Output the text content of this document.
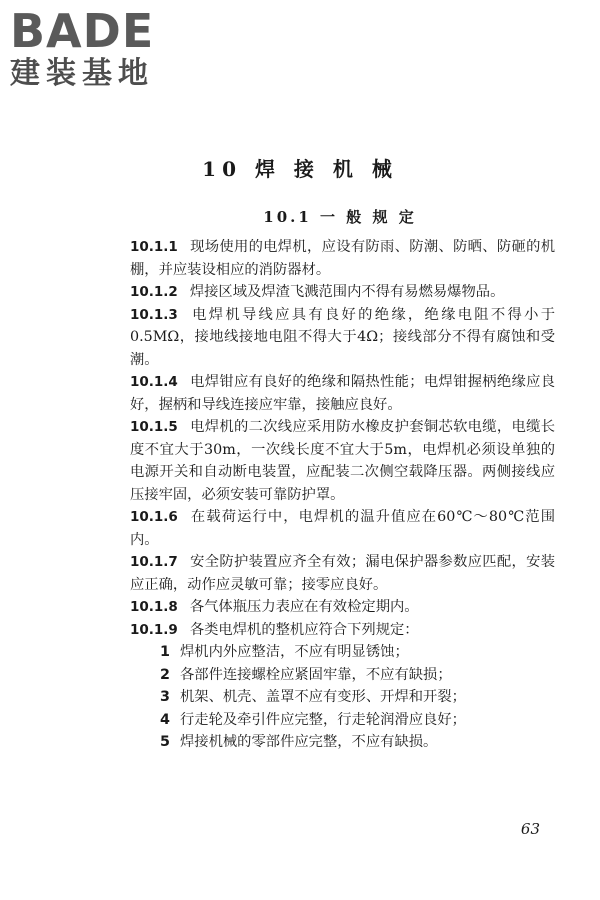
BADE
建装基地
10 焊 接 机 械
10.1 一 般 规 定

10.1.1 现场使用的电焊机，应设有防雨、防潮、防晒、防砸的机棚，并应装设相应的消防器材。

10.1.2 焊接区域及焊渣飞溅范围内不得有易燃易爆物品。

10.1.3 电焊机导线应具有良好的绝缘，绝缘电阻不得小于0.5MΩ，接地线接地电阻不得大于4Ω；接线部分不得有腐蚀和受潮。

10.1.4 电焊钳应有良好的绝缘和隔热性能；电焊钳握柄绝缘应良好，握柄和导线连接应牢靠，接触应良好。

10.1.5 电焊机的二次线应采用防水橡皮护套铜芯软电缆，电缆长度不宜大于30m，一次线长度不宜大于5m，电焊机必须设单独的电源开关和自动断电装置，应配装二次侧空载降压器。两侧接线应压接牢固，必须安装可靠防护罩。

10.1.6 在载荷运行中，电焊机的温升值应在60℃～80℃范围内。

10.1.7 安全防护装置应齐全有效；漏电保护器参数应匹配，安装应正确，动作应灵敏可靠；接零应良好。

10.1.8 各气体瓶压力表应在有效检定期内。

10.1.9 各类电焊机的整机应符合下列规定：

1 焊机内外应整洁，不应有明显锈蚀；

2 各部件连接螺栓应紧固牢靠，不应有缺损；

3 机架、机壳、盖罩不应有变形、开焊和开裂；

4 行走轮及牵引件应完整，行走轮润滑应良好；

5 焊接机械的零部件应完整，不应有缺损。

63
